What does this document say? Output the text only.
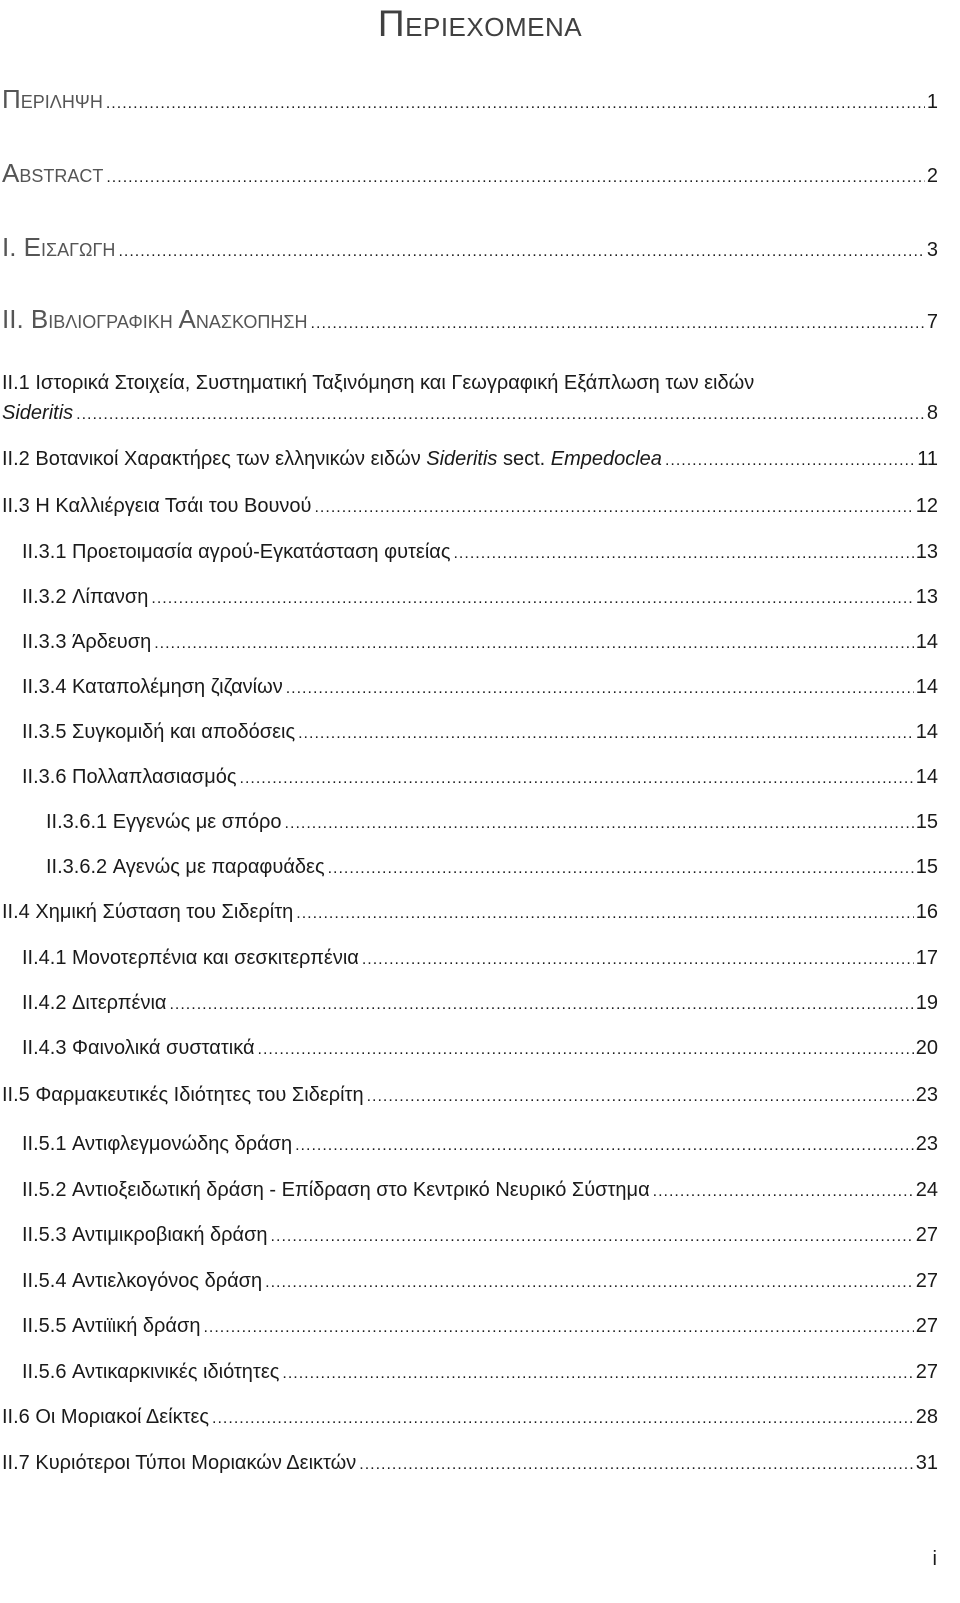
Περιεχομενα
Περιληψη .....	1
Abstract .....	2
I. Εισαγωγη .....	3
II. Βιβλιογραφικη Ανασκοπηση .....	7
II.1 Ιστορικά Στοιχεία, Συστηματική Ταξινόμηση και Γεωγραφική Εξάπλωση των ειδών
Sideritis .....	8
II.2 Βοτανικοί Χαρακτήρες των ελληνικών ειδών Sideritis sect. Empedoclea .....	11
II.3 Η Καλλιέργεια Τσάι του Βουνού .....	12
II.3.1 Προετοιμασία αγρού-Εγκατάσταση φυτείας .....	13
II.3.2 Λίπανση .....	13
II.3.3 Άρδευση .....	14
II.3.4 Καταπολέμηση ζιζανίων .....	14
II.3.5 Συγκομιδή και αποδόσεις .....	14
II.3.6 Πολλαπλασιασμός .....	14
II.3.6.1 Εγγενώς με σπόρο .....	15
II.3.6.2 Αγενώς με παραφυάδες .....	15
II.4 Χημική Σύσταση του Σιδερίτη .....	16
II.4.1 Μονοτερπένια και σεσκιτερπένια .....	17
II.4.2 Διτερπένια .....	19
II.4.3 Φαινολικά συστατικά .....	20
II.5 Φαρμακευτικές Ιδιότητες του Σιδερίτη .....	23
II.5.1 Αντιφλεγμονώδης δράση .....	23
II.5.2 Αντιοξειδωτική δράση - Επίδραση στο Κεντρικό Νευρικό Σύστημα .....	24
II.5.3 Αντιμικροβιακή δράση .....	27
II.5.4 Αντιελκογόνος δράση .....	27
II.5.5 Αντιϊική δράση .....	27
II.5.6 Αντικαρκινικές ιδιότητες .....	27
II.6 Οι Μοριακοί Δείκτες .....	28
II.7 Κυριότεροι Τύποι Μοριακών Δεικτών .....	31
i
